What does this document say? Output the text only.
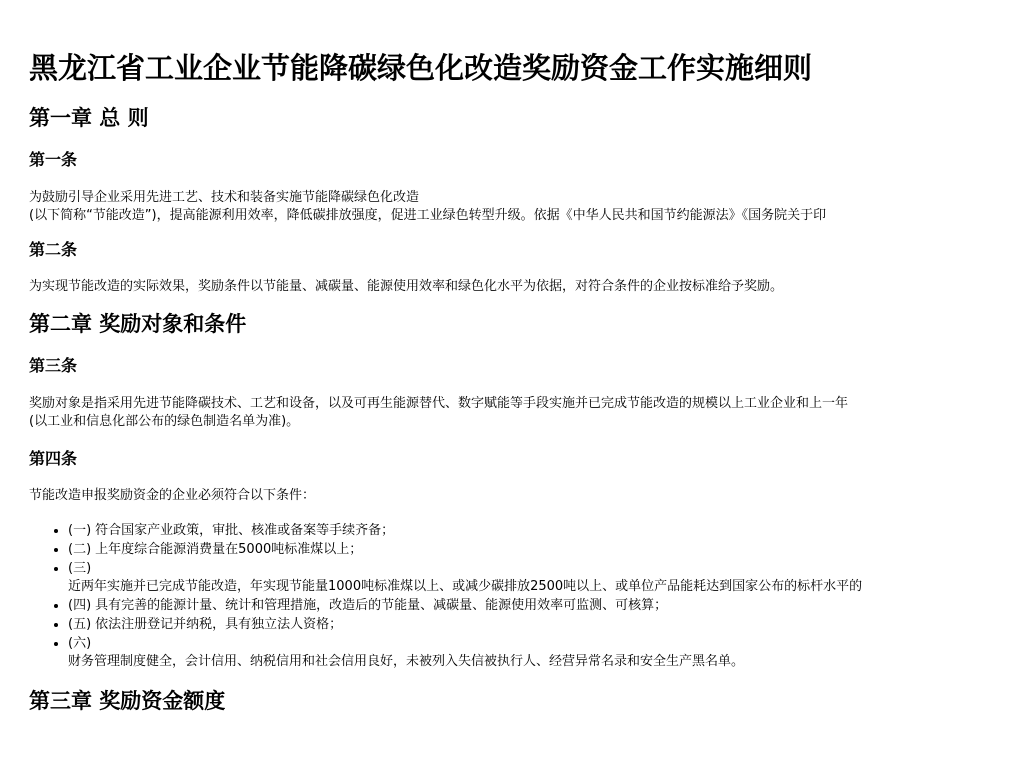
黑龙江省工业企业节能降碳绿色化改造奖励资金工作实施细则
第一章 总 则
第一条

为鼓励引导企业采用先进工艺、技术和装备实施节能降碳绿色化改造

(以下简称“节能改造”)，提高能源利用效率，降低碳排放强度，促进工业绿色转型升级。依据《中华人民共和国节约能源法》《国务院关于印

第二条

为实现节能改造的实际效果，奖励条件以节能量、减碳量、能源使用效率和绿色化水平为依据，对符合条件的企业按标准给予奖励。

第二章 奖励对象和条件
第三条

奖励对象是指采用先进节能降碳技术、工艺和设备，以及可再生能源替代、数字赋能等手段实施并已完成节能改造的规模以上工业企业和上一年

(以工业和信息化部公布的绿色制造名单为准)。

第四条

节能改造申报奖励资金的企业必须符合以下条件：

• (一) 符合国家产业政策，审批、核准或备案等手续齐备；
• (二) 上年度综合能源消费量在5000吨标准煤以上；
• (三)
近两年实施并已完成节能改造，年实现节能量1000吨标准煤以上、或减少碳排放2500吨以上、或单位产品能耗达到国家公布的标杆水平的
• (四) 具有完善的能源计量、统计和管理措施，改造后的节能量、减碳量、能源使用效率可监测、可核算；
• (五) 依法注册登记并纳税，具有独立法人资格；
• (六)
财务管理制度健全，会计信用、纳税信用和社会信用良好，未被列入失信被执行人、经营异常名录和安全生产黑名单。
第三章 奖励资金额度
